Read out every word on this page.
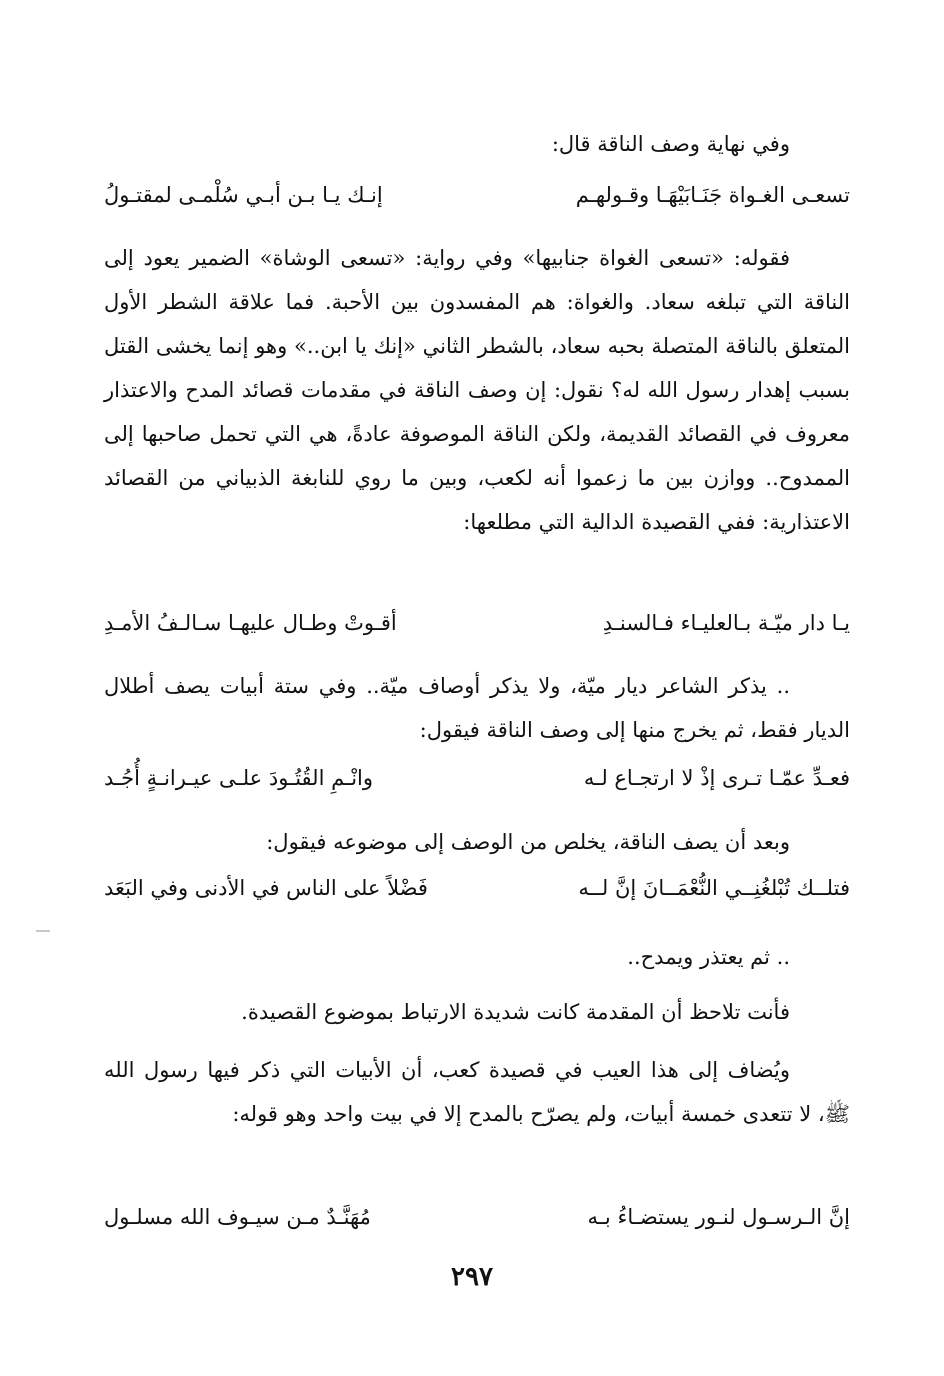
وفي نهاية وصف الناقة قال:

تسعـى الغـواة جَنَـابَيْهَـا وقـولهـم
إنـك يـا بـن أبـي سُلْمـى لمقتـولُ

فقوله: «تسعى الغواة جنابيها» وفي رواية: «تسعى الوشاة» الضمير يعود إلى الناقة التي تبلغه سعاد. والغواة: هم المفسدون بين الأحبة. فما علاقة الشطر الأول المتعلق بالناقة المتصلة بحبه سعاد، بالشطر الثاني «إنك يا ابن..» وهو إنما يخشى القتل بسبب إهدار رسول الله له؟ نقول: إن وصف الناقة في مقدمات قصائد المدح والاعتذار معروف في القصائد القديمة، ولكن الناقة الموصوفة عادةً، هي التي تحمل صاحبها إلى الممدوح.. ووازن بين ما زعموا أنه لكعب، وبين ما روي للنابغة الذبياني من القصائد الاعتذارية: ففي القصيدة الدالية التي مطلعها:

يـا دار ميّـة بـالعليـاء فـالسنـدِ
أقـوتْ وطـال عليهـا سـالـفُ الأمـدِ

.. يذكر الشاعر ديار ميّة، ولا يذكر أوصاف ميّة.. وفي ستة أبيات يصف أطلال الديار فقط، ثم يخرج منها إلى وصف الناقة فيقول:

فعـدِّ عمّـا تـرى إذْ لا ارتجـاع لـه
وانْـمِ القُتُـودَ علـى عيـرانـةٍ أُجُـد

وبعد أن يصف الناقة، يخلص من الوصف إلى موضوعه فيقول:

فتلــك تُبْلغُنِــي النُّعْمَــانَ إنَّ لــه
فَضْلاً على الناس في الأدنى وفي البَعَد

.. ثم يعتذر ويمدح..

فأنت تلاحظ أن المقدمة كانت شديدة الارتباط بموضوع القصيدة.

ويُضاف إلى هذا العيب في قصيدة كعب، أن الأبيات التي ذكر فيها رسول الله ﷺ، لا تتعدى خمسة أبيات، ولم يصرّح بالمدح إلا في بيت واحد وهو قوله:

إنَّ الـرسـول لنـور يستضـاءُ بـه
مُهَنَّـدٌ مـن سيـوف الله مسلـول
٢٩٧
